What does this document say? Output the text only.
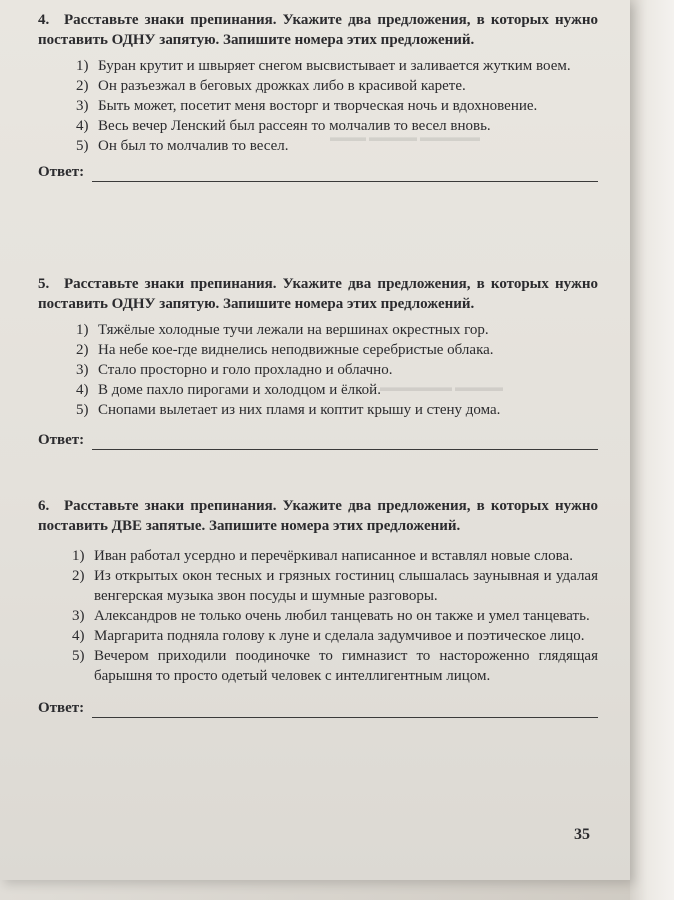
▬▬▬▬▬ ▬▬▬▬ ▬▬▬
▬▬▬▬ ▬▬▬▬▬▬

4. Расставьте знаки препинания. Укажите два предложения, в которых нужно поставить ОДНУ запятую. Запишите номера этих предложений.

1) Буран крутит и швыряет снегом высвистывает и заливается жутким воем.
2) Он разъезжал в беговых дрожках либо в красивой карете.
3) Быть может, посетит меня восторг и творческая ночь и вдохновение.
4) Весь вечер Ленский был рассеян то молчалив то весел вновь.
5) Он был то молчалив то весел.
Ответ:

5. Расставьте знаки препинания. Укажите два предложения, в которых нужно поставить ОДНУ запятую. Запишите номера этих предложений.

1) Тяжёлые холодные тучи лежали на вершинах окрестных гор.
2) На небе кое-где виднелись неподвижные серебристые облака.
3) Стало просторно и голо прохладно и облачно.
4) В доме пахло пирогами и холодцом и ёлкой.
5) Снопами вылетает из них пламя и коптит крышу и стену дома.
Ответ:

6. Расставьте знаки препинания. Укажите два предложения, в которых нужно поставить ДВЕ запятые. Запишите номера этих предложений.

1) Иван работал усердно и перечёркивал написанное и вставлял новые слова.
2) Из открытых окон тесных и грязных гостиниц слышалась заунывная и удалая венгерская музыка звон посуды и шумные разговоры.
3) Александров не только очень любил танцевать но он также и умел танцевать.
4) Маргарита подняла голову к луне и сделала задумчивое и поэтическое лицо.
5) Вечером приходили поодиночке то гимназист то настороженно глядящая барышня то просто одетый человек с интеллигентным лицом.
Ответ:
35
